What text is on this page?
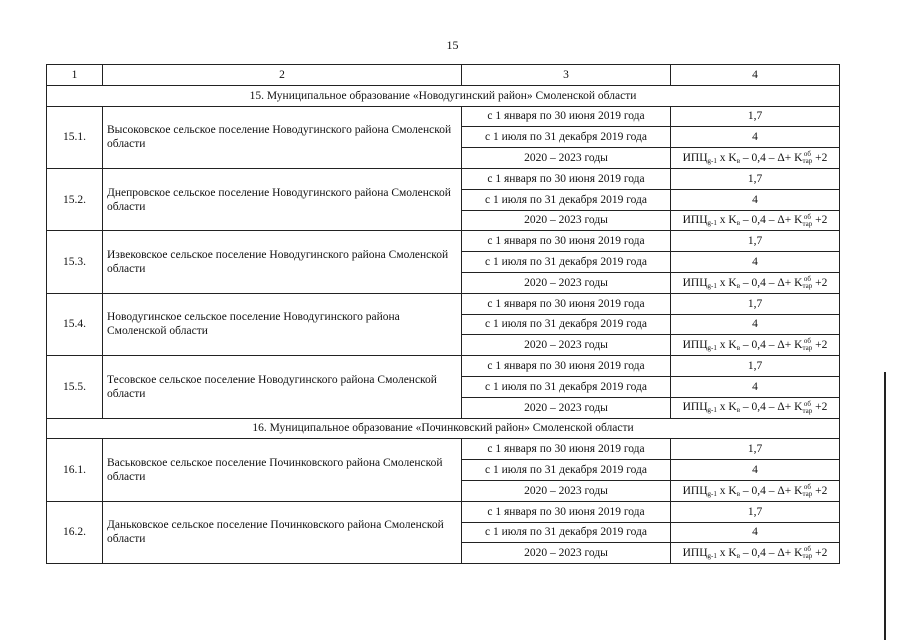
15
1	2	3	4
15. Муниципальное образование «Новодугинский район» Смоленской области			
15.1.	Высоковское сельское поселение Новодугинского района Смоленской области	с 1 января по 30 июня 2019 года	1,7
		с 1 июля по 31 декабря 2019 года	4
		2020 – 2023 годы	$ИПЦ_{g-1}$ x $K_в - 0,4 - \Delta+ K$ об
тар +2
15.2.	Днепровское сельское поселение Новодугинского района Смоленской области	с 1 января по 30 июня 2019 года	1,7
		с 1 июля по 31 декабря 2019 года	4
		2020 – 2023 годы	$ИПЦ_{g-1}$ x $K_в - 0,4 - \Delta+ K$ об
тар +2
15.3.	Извековское сельское поселение Новодугинского района Смоленской области	с 1 января по 30 июня 2019 года	1,7
		с 1 июля по 31 декабря 2019 года	4
		2020 – 2023 годы	$ИПЦ_{g-1}$ x $K_в - 0,4 - \Delta+ K$ об
тар +2
15.4.	Новодугинское сельское поселение Новодугинского района Смоленской области	с 1 января по 30 июня 2019 года	1,7
		с 1 июля по 31 декабря 2019 года	4
		2020 – 2023 годы	$ИПЦ_{g-1}$ x $K_в - 0,4 - \Delta+ K$ об
тар +2
15.5.	Тесовское сельское поселение Новодугинского района Смоленской области	с 1 января по 30 июня 2019 года	1,7
		с 1 июля по 31 декабря 2019 года	4
		2020 – 2023 годы	$ИПЦ_{g-1}$ x $K_в - 0,4 - \Delta+ K$ об
тар +2
16. Муниципальное образование «Починковский район» Смоленской области			
16.1.	Васьковское сельское поселение Починковского района Смоленской области	с 1 января по 30 июня 2019 года	1,7
		с 1 июля по 31 декабря 2019 года	4
		2020 – 2023 годы	$ИПЦ_{g-1}$ x $K_в - 0,4 - \Delta+ K$ об
тар +2
16.2.	Даньковское сельское поселение Починковского района Смоленской области	с 1 января по 30 июня 2019 года	1,7
		с 1 июля по 31 декабря 2019 года	4
		2020 – 2023 годы	$ИПЦ_{g-1}$ x $K_в - 0,4 - \Delta+ K$ об
тар +2
